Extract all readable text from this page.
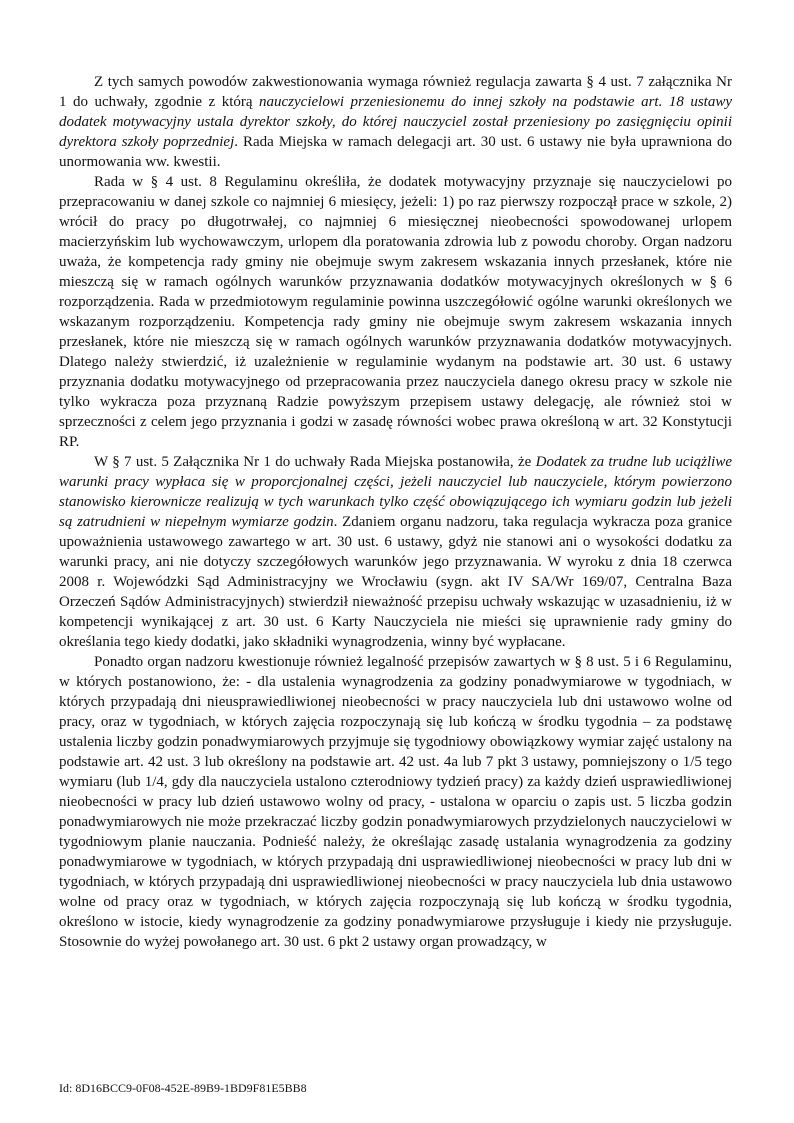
Z tych samych powodów zakwestionowania wymaga również regulacja zawarta § 4 ust. 7 załącznika Nr 1 do uchwały, zgodnie z którą nauczycielowi przeniesionemu do innej szkoły na podstawie art. 18 ustawy dodatek motywacyjny ustala dyrektor szkoły, do której nauczyciel został przeniesiony po zasięgnięciu opinii dyrektora szkoły poprzedniej. Rada Miejska w ramach delegacji art. 30 ust. 6 ustawy nie była uprawniona do unormowania ww. kwestii.

Rada w § 4 ust. 8 Regulaminu określiła, że dodatek motywacyjny przyznaje się nauczycielowi po przepracowaniu w danej szkole co najmniej 6 miesięcy, jeżeli: 1) po raz pierwszy rozpoczął prace w szkole, 2) wrócił do pracy po długotrwałej, co najmniej 6 miesięcznej nieobecności spowodowanej urlopem macierzyńskim lub wychowawczym, urlopem dla poratowania zdrowia lub z powodu choroby. Organ nadzoru uważa, że kompetencja rady gminy nie obejmuje swym zakresem wskazania innych przesłanek, które nie mieszczą się w ramach ogólnych warunków przyznawania dodatków motywacyjnych określonych w § 6 rozporządzenia. Rada w przedmiotowym regulaminie powinna uszczegółowić ogólne warunki określonych we wskazanym rozporządzeniu. Kompetencja rady gminy nie obejmuje swym zakresem wskazania innych przesłanek, które nie mieszczą się w ramach ogólnych warunków przyznawania dodatków motywacyjnych. Dlatego należy stwierdzić, iż uzależnienie w regulaminie wydanym na podstawie art. 30 ust. 6 ustawy przyznania dodatku motywacyjnego od przepracowania przez nauczyciela danego okresu pracy w szkole nie tylko wykracza poza przyznaną Radzie powyższym przepisem ustawy delegację, ale również stoi w sprzeczności z celem jego przyznania i godzi w zasadę równości wobec prawa określoną w art. 32 Konstytucji RP.

W § 7 ust. 5 Załącznika Nr 1 do uchwały Rada Miejska postanowiła, że Dodatek za trudne lub uciążliwe warunki pracy wypłaca się w proporcjonalnej części, jeżeli nauczyciel lub nauczyciele, którym powierzono stanowisko kierownicze realizują w tych warunkach tylko część obowiązującego ich wymiaru godzin lub jeżeli są zatrudnieni w niepełnym wymiarze godzin. Zdaniem organu nadzoru, taka regulacja wykracza poza granice upoważnienia ustawowego zawartego w art. 30 ust. 6 ustawy, gdyż nie stanowi ani o wysokości dodatku za warunki pracy, ani nie dotyczy szczegółowych warunków jego przyznawania. W wyroku z dnia 18 czerwca 2008 r. Wojewódzki Sąd Administracyjny we Wrocławiu (sygn. akt IV SA/Wr 169/07, Centralna Baza Orzeczeń Sądów Administracyjnych) stwierdził nieważność przepisu uchwały wskazując w uzasadnieniu, iż w kompetencji wynikającej z art. 30 ust. 6 Karty Nauczyciela nie mieści się uprawnienie rady gminy do określania tego kiedy dodatki, jako składniki wynagrodzenia, winny być wypłacane.

Ponadto organ nadzoru kwestionuje również legalność przepisów zawartych w § 8 ust. 5 i 6 Regulaminu, w których postanowiono, że: - dla ustalenia wynagrodzenia za godziny ponadwymiarowe w tygodniach, w których przypadają dni nieusprawiedliwionej nieobecności w pracy nauczyciela lub dni ustawowo wolne od pracy, oraz w tygodniach, w których zajęcia rozpoczynają się lub kończą w środku tygodnia – za podstawę ustalenia liczby godzin ponadwymiarowych przyjmuje się tygodniowy obowiązkowy wymiar zajęć ustalony na podstawie art. 42 ust. 3 lub określony na podstawie art. 42 ust. 4a lub 7 pkt 3 ustawy, pomniejszony o 1/5 tego wymiaru (lub 1/4, gdy dla nauczyciela ustalono czterodniowy tydzień pracy) za każdy dzień usprawiedliwionej nieobecności w pracy lub dzień ustawowo wolny od pracy, - ustalona w oparciu o zapis ust. 5 liczba godzin ponadwymiarowych nie może przekraczać liczby godzin ponadwymiarowych przydzielonych nauczycielowi w tygodniowym planie nauczania. Podnieść należy, że określając zasadę ustalania wynagrodzenia za godziny ponadwymiarowe w tygodniach, w których przypadają dni usprawiedliwionej nieobecności w pracy lub dni w tygodniach, w których przypadają dni usprawiedliwionej nieobecności w pracy nauczyciela lub dnia ustawowo wolne od pracy oraz w tygodniach, w których zajęcia rozpoczynają się lub kończą w środku tygodnia, określono w istocie, kiedy wynagrodzenie za godziny ponadwymiarowe przysługuje i kiedy nie przysługuje. Stosownie do wyżej powołanego art. 30 ust. 6 pkt 2 ustawy organ prowadzący, w

Id: 8D16BCC9-0F08-452E-89B9-1BD9F81E5BB8
